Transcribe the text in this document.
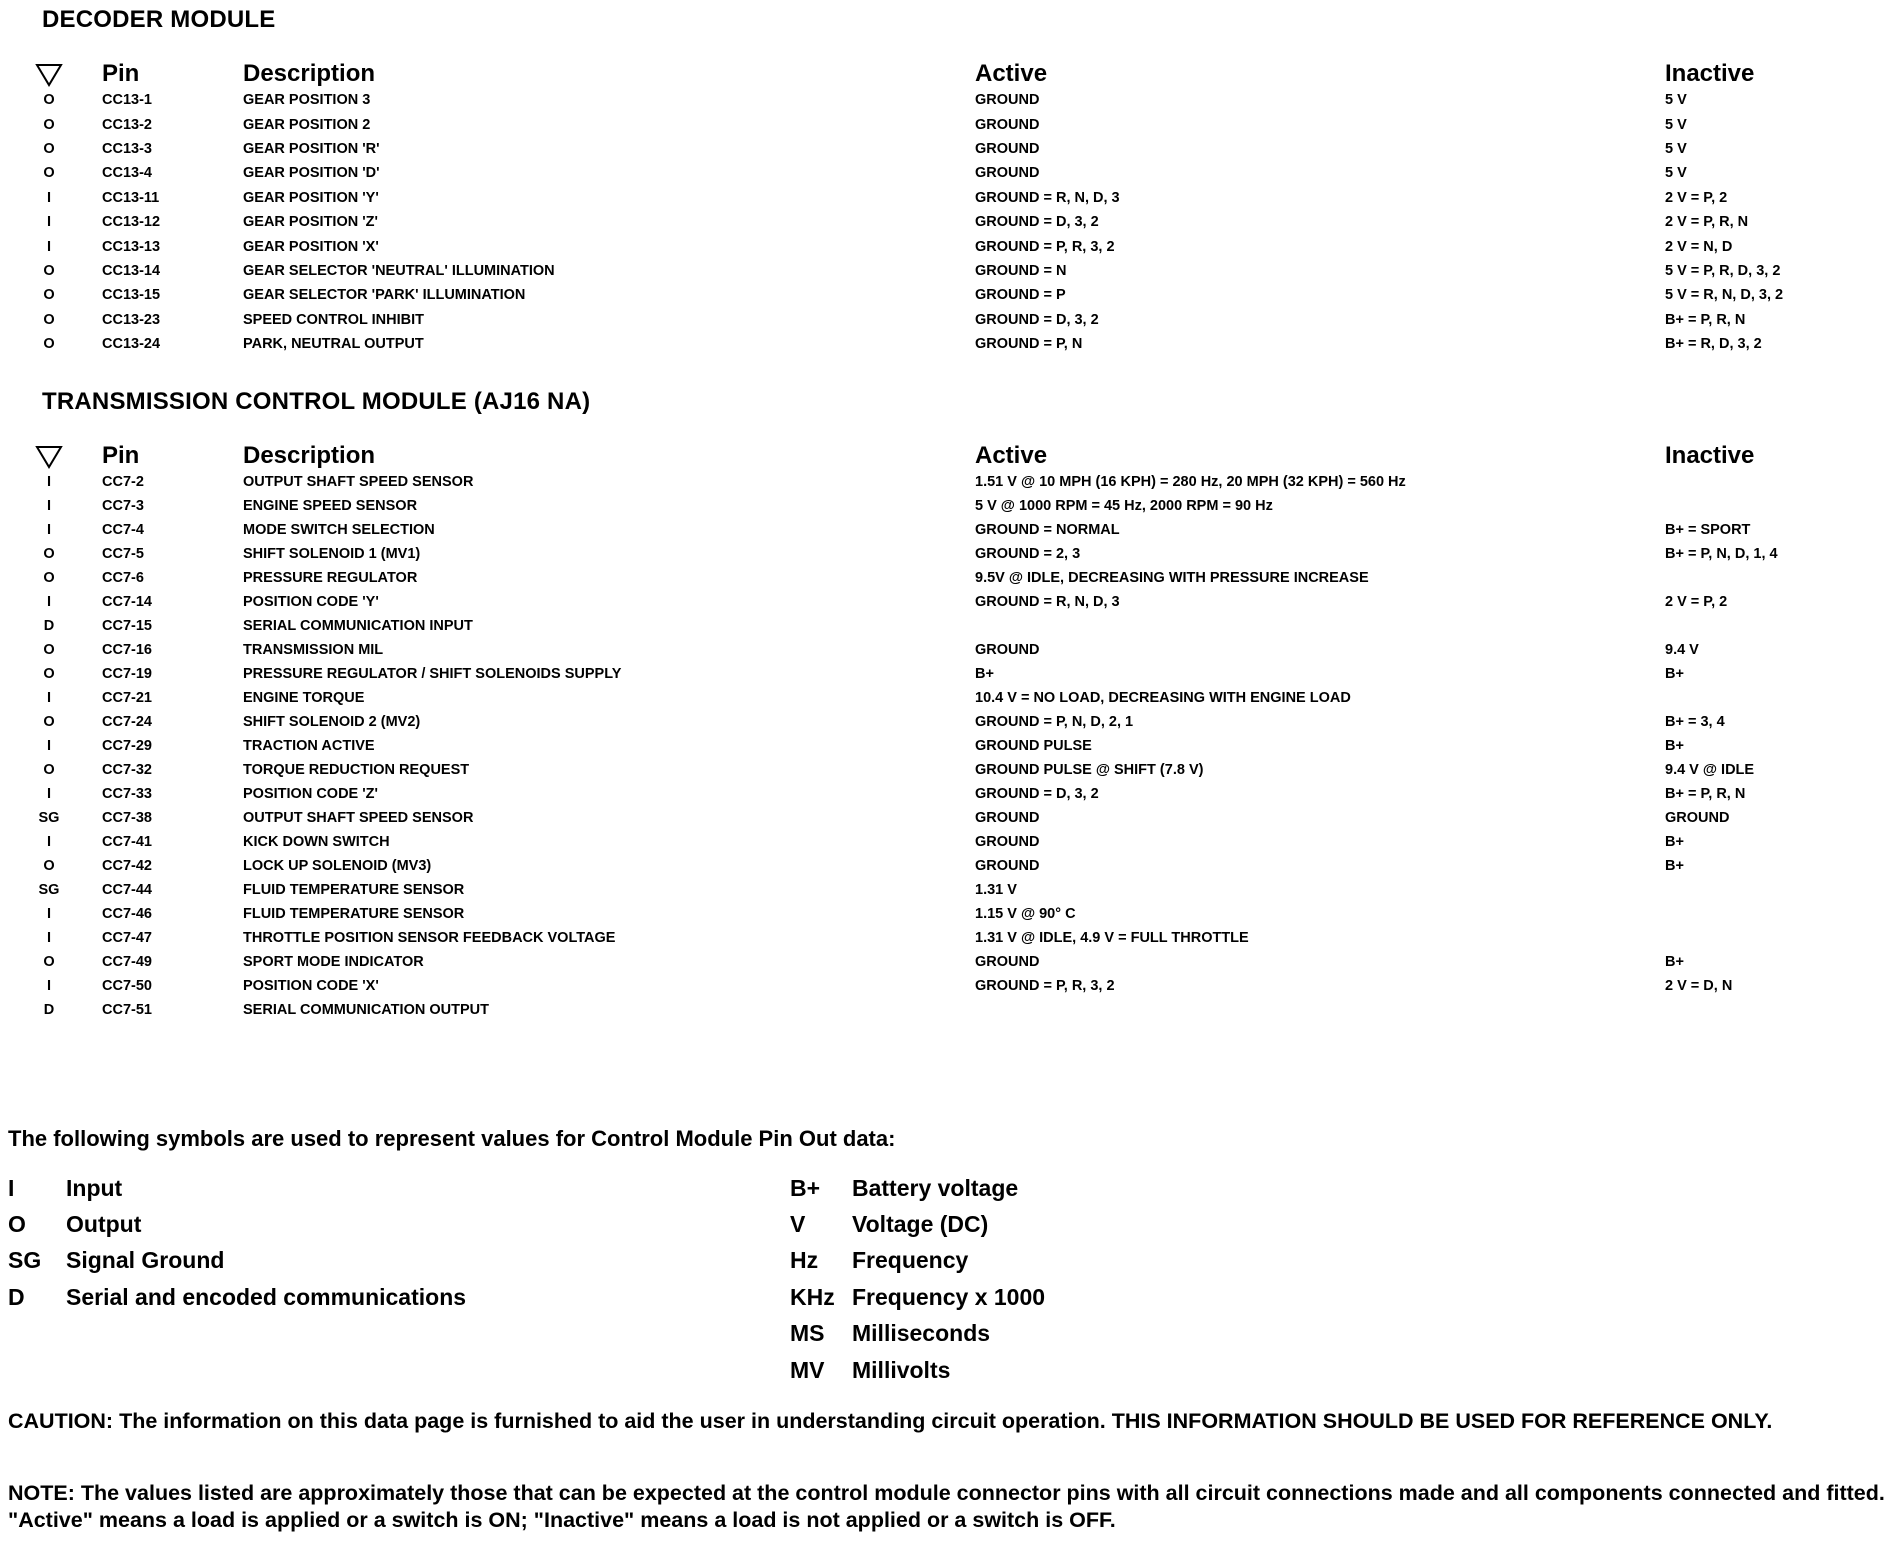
DECODER MODULE
		Pin	Description	Active	Inactive
O		CC13-1	GEAR POSITION 3	GROUND	5 V
O		CC13-2	GEAR POSITION 2	GROUND	5 V
O		CC13-3	GEAR POSITION 'R'	GROUND	5 V
O		CC13-4	GEAR POSITION 'D'	GROUND	5 V
I		CC13-11	GEAR POSITION 'Y'	GROUND = R, N, D, 3	2 V = P, 2
I		CC13-12	GEAR POSITION 'Z'	GROUND = D, 3, 2	2 V = P, R, N
I		CC13-13	GEAR POSITION 'X'	GROUND = P, R, 3, 2	2 V = N, D
O		CC13-14	GEAR SELECTOR 'NEUTRAL' ILLUMINATION	GROUND = N	5 V = P, R, D, 3, 2
O		CC13-15	GEAR SELECTOR 'PARK' ILLUMINATION	GROUND = P	5 V = R, N, D, 3, 2
O		CC13-23	SPEED CONTROL INHIBIT	GROUND = D, 3, 2	B+ = P, R, N
O		CC13-24	PARK, NEUTRAL OUTPUT	GROUND = P, N	B+ = R, D, 3, 2
TRANSMISSION CONTROL MODULE (AJ16 NA)
		Pin	Description	Active	Inactive
I		CC7-2	OUTPUT SHAFT SPEED SENSOR	1.51 V @ 10 MPH (16 KPH) = 280 Hz, 20 MPH (32 KPH) = 560 Hz	
I		CC7-3	ENGINE SPEED SENSOR	5 V @ 1000 RPM = 45 Hz, 2000 RPM = 90 Hz	
I		CC7-4	MODE SWITCH SELECTION	GROUND = NORMAL	B+ = SPORT
O		CC7-5	SHIFT SOLENOID 1 (MV1)	GROUND = 2, 3	B+ = P, N, D, 1, 4
O		CC7-6	PRESSURE REGULATOR	9.5V @ IDLE, DECREASING WITH PRESSURE INCREASE	
I		CC7-14	POSITION CODE 'Y'	GROUND = R, N, D, 3	2 V = P, 2
D		CC7-15	SERIAL COMMUNICATION INPUT		
O		CC7-16	TRANSMISSION MIL	GROUND	9.4 V
O		CC7-19	PRESSURE REGULATOR / SHIFT SOLENOIDS SUPPLY	B+	B+
I		CC7-21	ENGINE TORQUE	10.4 V = NO LOAD, DECREASING WITH ENGINE LOAD	
O		CC7-24	SHIFT SOLENOID 2 (MV2)	GROUND = P, N, D, 2, 1	B+ = 3, 4
I		CC7-29	TRACTION ACTIVE	GROUND PULSE	B+
O		CC7-32	TORQUE REDUCTION REQUEST	GROUND PULSE @ SHIFT (7.8 V)	9.4 V @ IDLE
I		CC7-33	POSITION CODE 'Z'	GROUND = D, 3, 2	B+ = P, R, N
SG		CC7-38	OUTPUT SHAFT SPEED SENSOR	GROUND	GROUND
I		CC7-41	KICK DOWN SWITCH	GROUND	B+
O		CC7-42	LOCK UP SOLENOID (MV3)	GROUND	B+
SG		CC7-44	FLUID TEMPERATURE SENSOR	1.31 V	
I		CC7-46	FLUID TEMPERATURE SENSOR	1.15 V @ 90° C	
I		CC7-47	THROTTLE POSITION SENSOR FEEDBACK VOLTAGE	1.31 V @ IDLE, 4.9 V = FULL THROTTLE	
O		CC7-49	SPORT MODE INDICATOR	GROUND	B+
I		CC7-50	POSITION CODE 'X'	GROUND = P, R, 3, 2	2 V = D, N
D		CC7-51	SERIAL COMMUNICATION OUTPUT		

The following symbols are used to represent values for Control Module Pin Out data:

I	Input
O	Output
SG	Signal Ground
D	Serial and encoded communications
B+	Battery voltage
V	Voltage (DC)
Hz	Frequency
KHz Frequency x 1000
MS	Milliseconds
MV	Millivolts

CAUTION: The information on this data page is furnished to aid the user in understanding circuit operation. THIS INFORMATION SHOULD BE USED FOR REFERENCE ONLY.

NOTE: The values listed are approximately those that can be expected at the control module connector pins with all circuit connections made and all components connected and fitted. "Active" means a load is applied or a switch is ON; "Inactive" means a load is not applied or a switch is OFF.
